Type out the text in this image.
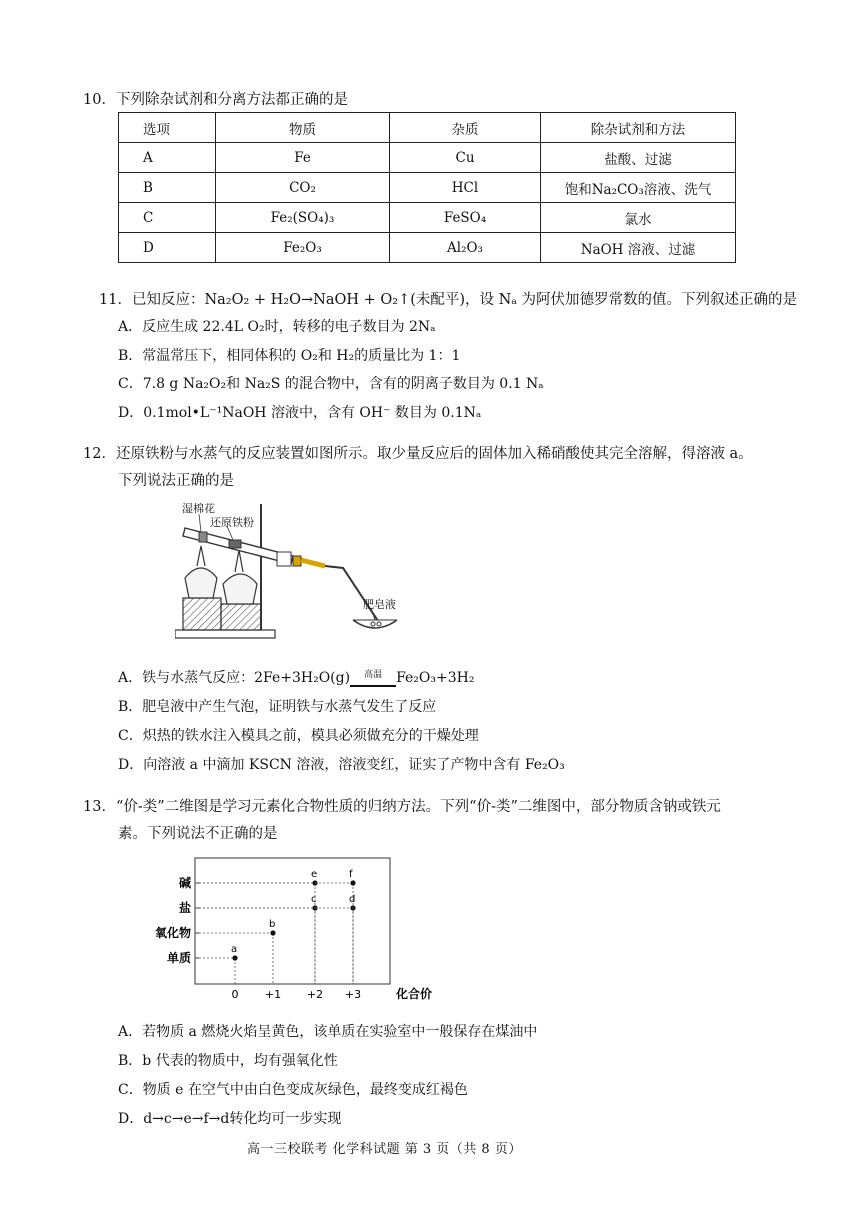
10．下列除杂试剂和分离方法都正确的是
选项	物质	杂质	除杂试剂和方法
A	Fe	Cu	盐酸、过滤
B	CO₂	HCl	饱和Na₂CO₃溶液、洗气
C	Fe₂(SO₄)₃	FeSO₄	氯水
D	Fe₂O₃	Al₂O₃	NaOH 溶液、过滤
11．已知反应：Na₂O₂ + H₂O→NaOH + O₂↑(未配平)，设 Nₐ 为阿伏加德罗常数的值。下列叙述正确的是
A．反应生成 22.4L O₂时，转移的电子数目为 2Nₐ
B．常温常压下，相同体积的 O₂和 H₂的质量比为 1：1
C．7.8 g Na₂O₂和 Na₂S 的混合物中，含有的阴离子数目为 0.1 Nₐ
D．0.1mol•L⁻¹NaOH 溶液中，含有 OH⁻ 数目为 0.1Nₐ
12．还原铁粉与水蒸气的反应装置如图所示。取少量反应后的固体加入稀硝酸使其完全溶解，得溶液 a。
下列说法正确的是
湿棉花
还原铁粉
肥皂液
A．铁与水蒸气反应：2Fe+3H₂O(g)	高温	Fe₂O₃+3H₂
B．肥皂液中产生气泡，证明铁与水蒸气发生了反应
C．炽热的铁水注入模具之前，模具必须做充分的干燥处理
D．向溶液 a 中滴加 KSCN 溶液，溶液变红，证实了产物中含有 Fe₂O₃
13．“价-类”二维图是学习元素化合物性质的归纳方法。下列“价-类”二维图中，部分物质含钠或铁元
素。下列说法不正确的是
单质
氧化物
盐
碱
0 +1 +2 +3	化合价
a
b
c
e
d
f
A．若物质 a 燃烧火焰呈黄色，该单质在实验室中一般保存在煤油中
B．b 代表的物质中，均有强氧化性
C．物质 e 在空气中由白色变成灰绿色，最终变成红褐色
D．d→c→e→f→d转化均可一步实现
高一三校联考 化学科试题 第 3 页（共 8 页）
